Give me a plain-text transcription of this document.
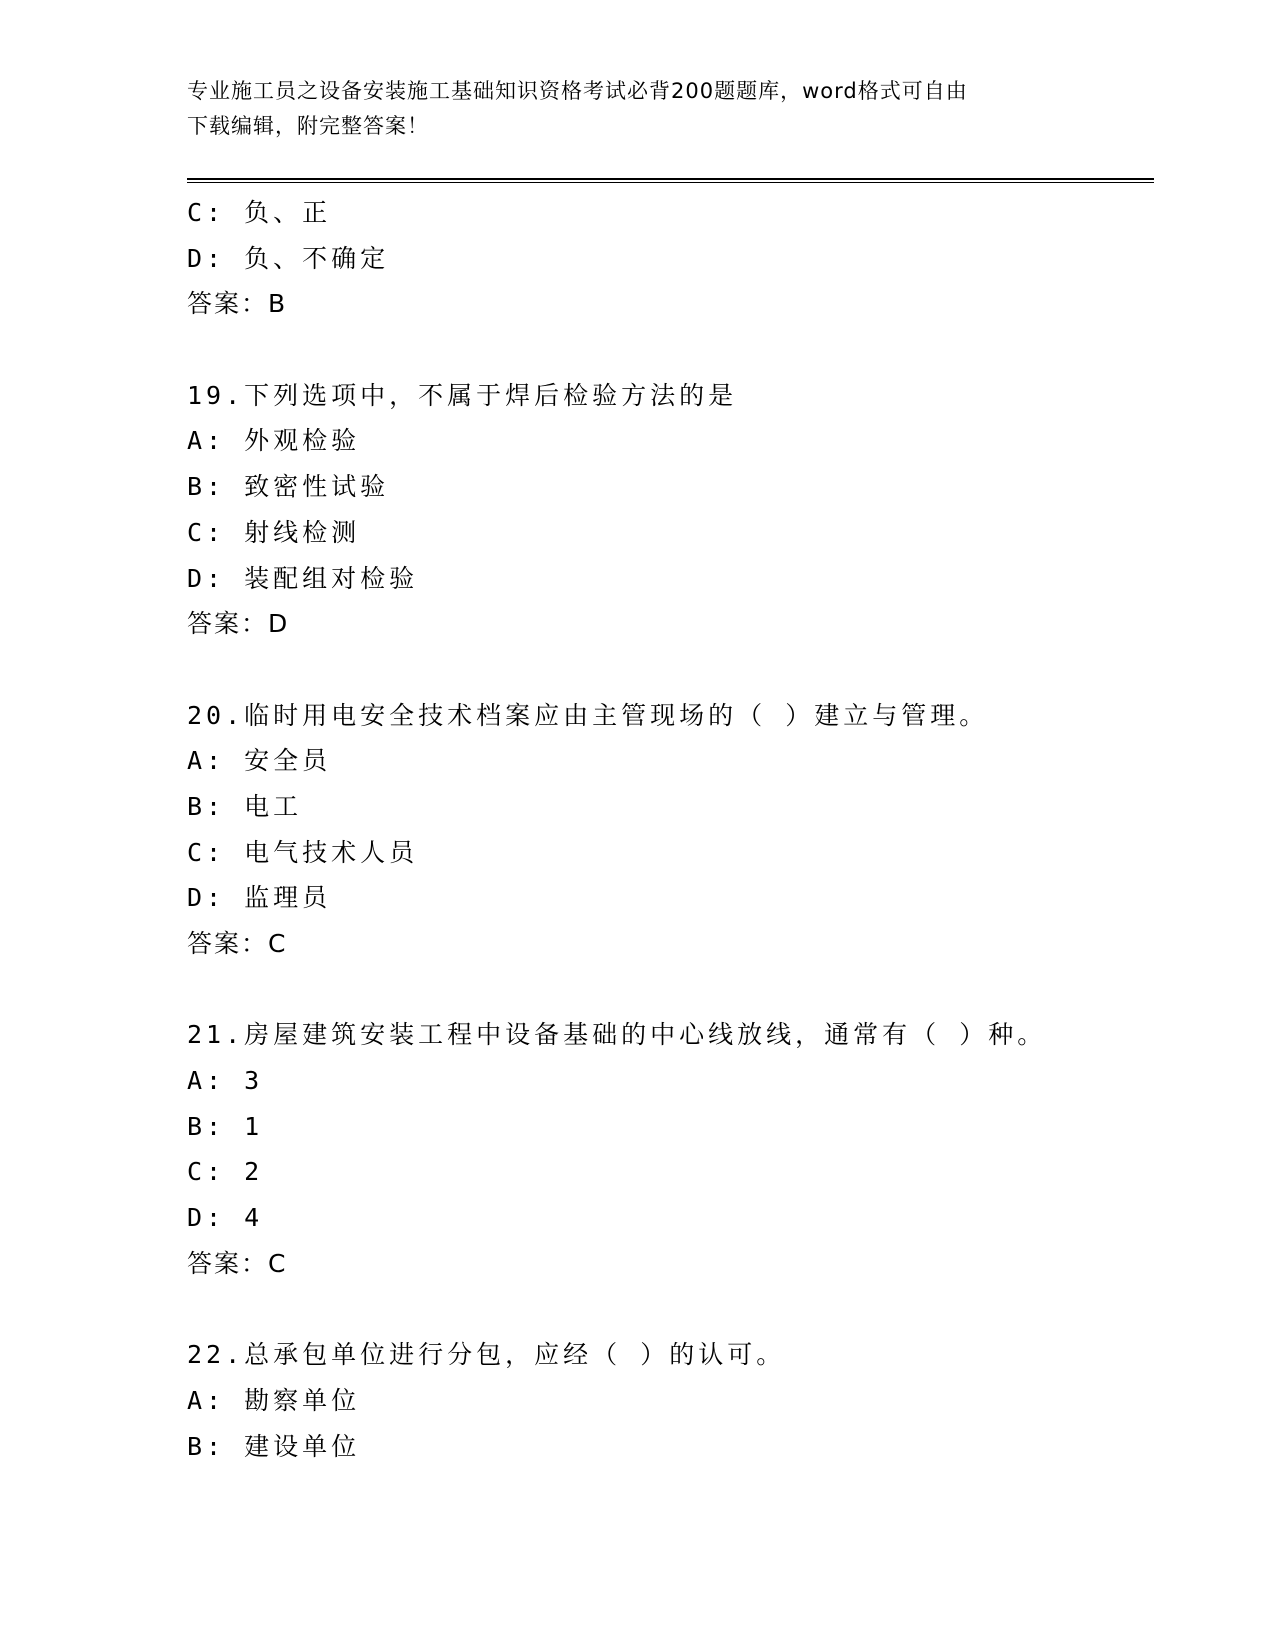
专业施工员之设备安装施工基础知识资格考试必背200题题库，word格式可自由
下载编辑，附完整答案！
C: 负、正
D: 负、不确定
答案：B
19.下列选项中，不属于焊后检验方法的是
A: 外观检验
B: 致密性试验
C: 射线检测
D: 装配组对检验
答案：D
20.临时用电安全技术档案应由主管现场的（ ）建立与管理。
A: 安全员
B: 电工
C: 电气技术人员
D: 监理员
答案：C
21.房屋建筑安装工程中设备基础的中心线放线，通常有（ ）种。
A: 3
B: 1
C: 2
D: 4
答案：C
22.总承包单位进行分包，应经（ ）的认可。
A: 勘察单位
B: 建设单位
